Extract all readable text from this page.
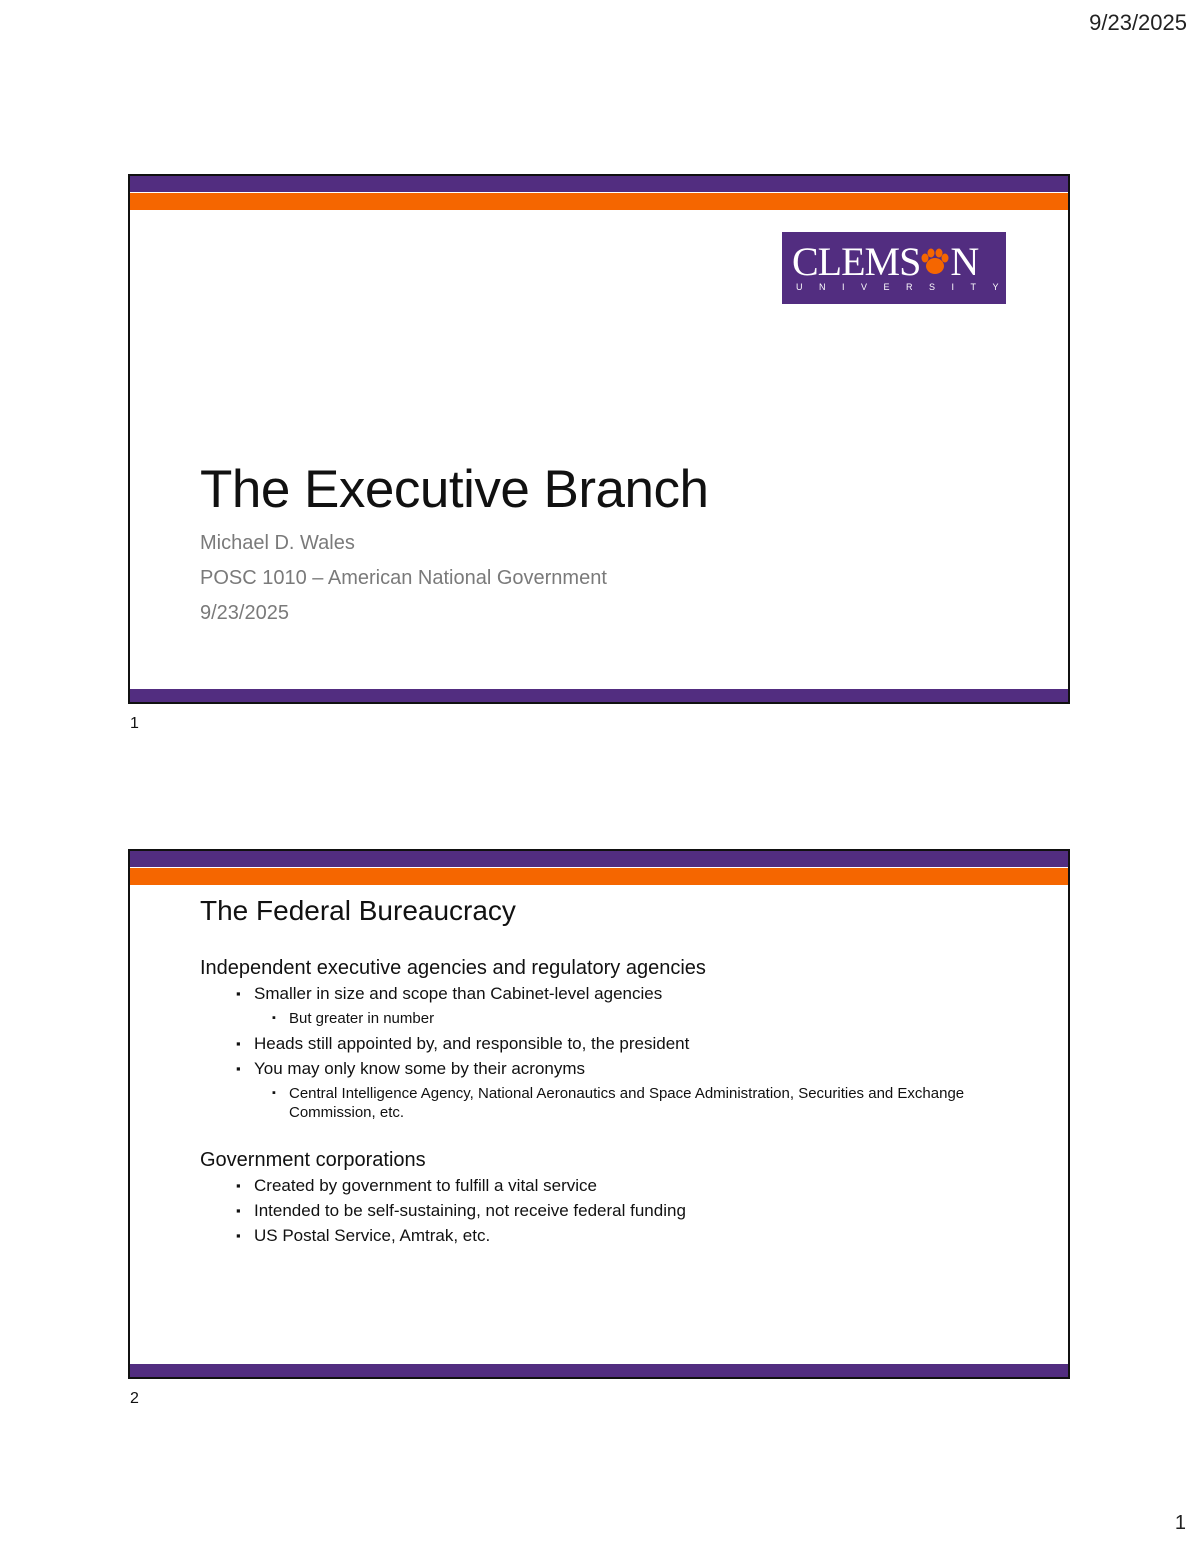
9/23/2025
CLEMS N
UNIVERSITY
The Executive Branch
Michael D. Wales
POSC 1010 – American National Government
9/23/2025
1
The Federal Bureaucracy

Independent executive agencies and regulatory agencies

▪ Smaller in size and scope than Cabinet-level agencies
▪ But greater in number
▪ Heads still appointed by, and responsible to, the president
▪ You may only know some by their acronyms
▪ Central Intelligence Agency, National Aeronautics and Space Administration, Securities and Exchange Commission, etc.

Government corporations

▪ Created by government to fulfill a vital service
▪ Intended to be self-sustaining, not receive federal funding
▪ US Postal Service, Amtrak, etc.
2
1
